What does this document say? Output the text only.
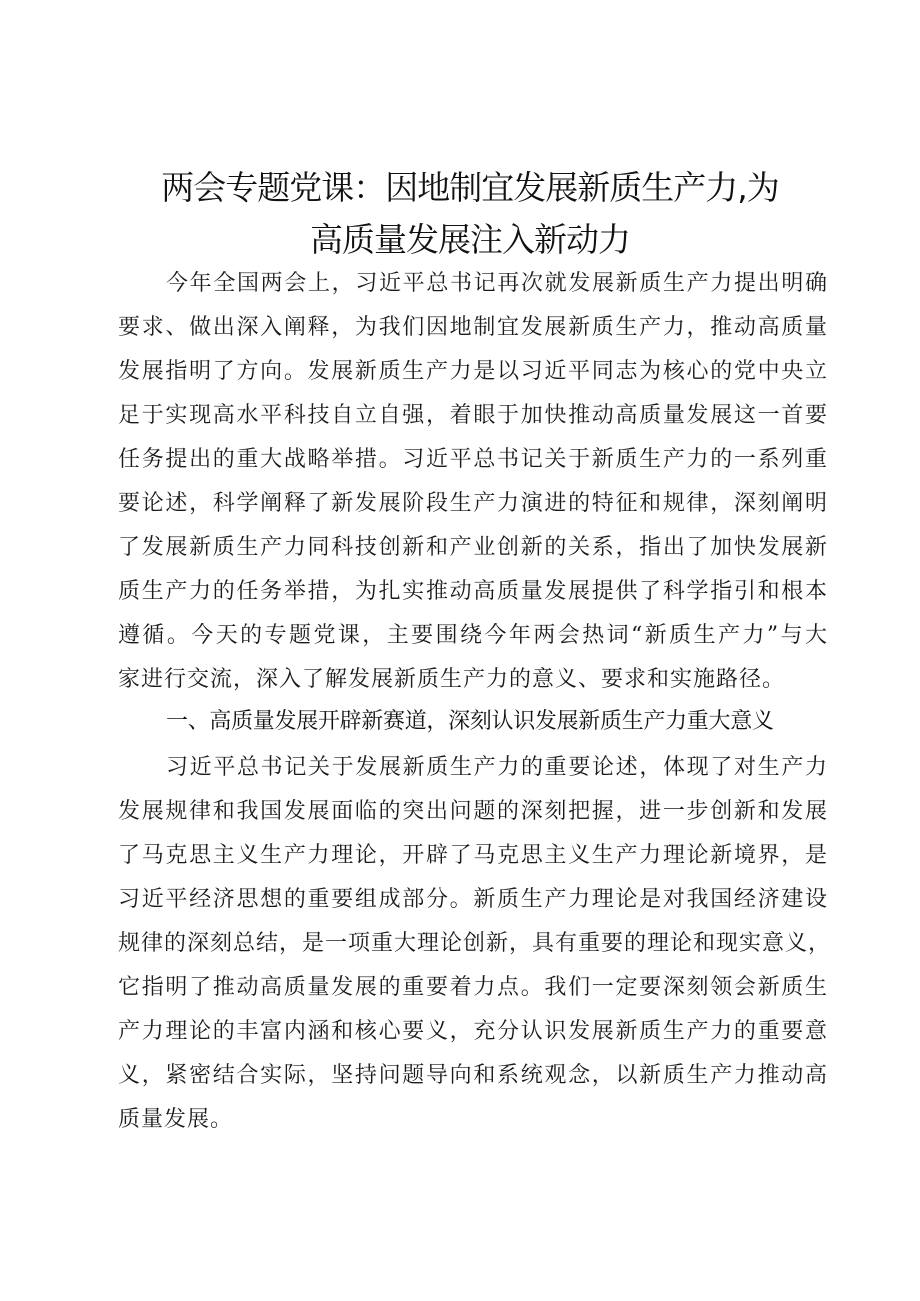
两会专题党课：因地制宜发展新质生产力,为
高质量发展注入新动力
今年全国两会上，习近平总书记再次就发展新质生产力提出明确
要求、做出深入阐释，为我们因地制宜发展新质生产力，推动高质量
发展指明了方向。发展新质生产力是以习近平同志为核心的党中央立
足于实现高水平科技自立自强，着眼于加快推动高质量发展这一首要
任务提出的重大战略举措。习近平总书记关于新质生产力的一系列重
要论述，科学阐释了新发展阶段生产力演进的特征和规律，深刻阐明
了发展新质生产力同科技创新和产业创新的关系，指出了加快发展新
质生产力的任务举措，为扎实推动高质量发展提供了科学指引和根本
遵循。今天的专题党课，主要围绕今年两会热词“新质生产力”与大
家进行交流，深入了解发展新质生产力的意义、要求和实施路径。
一、高质量发展开辟新赛道，深刻认识发展新质生产力重大意义
习近平总书记关于发展新质生产力的重要论述，体现了对生产力
发展规律和我国发展面临的突出问题的深刻把握，进一步创新和发展
了马克思主义生产力理论，开辟了马克思主义生产力理论新境界，是
习近平经济思想的重要组成部分。新质生产力理论是对我国经济建设
规律的深刻总结，是一项重大理论创新，具有重要的理论和现实意义，
它指明了推动高质量发展的重要着力点。我们一定要深刻领会新质生
产力理论的丰富内涵和核心要义，充分认识发展新质生产力的重要意
义，紧密结合实际，坚持问题导向和系统观念，以新质生产力推动高
质量发展。
